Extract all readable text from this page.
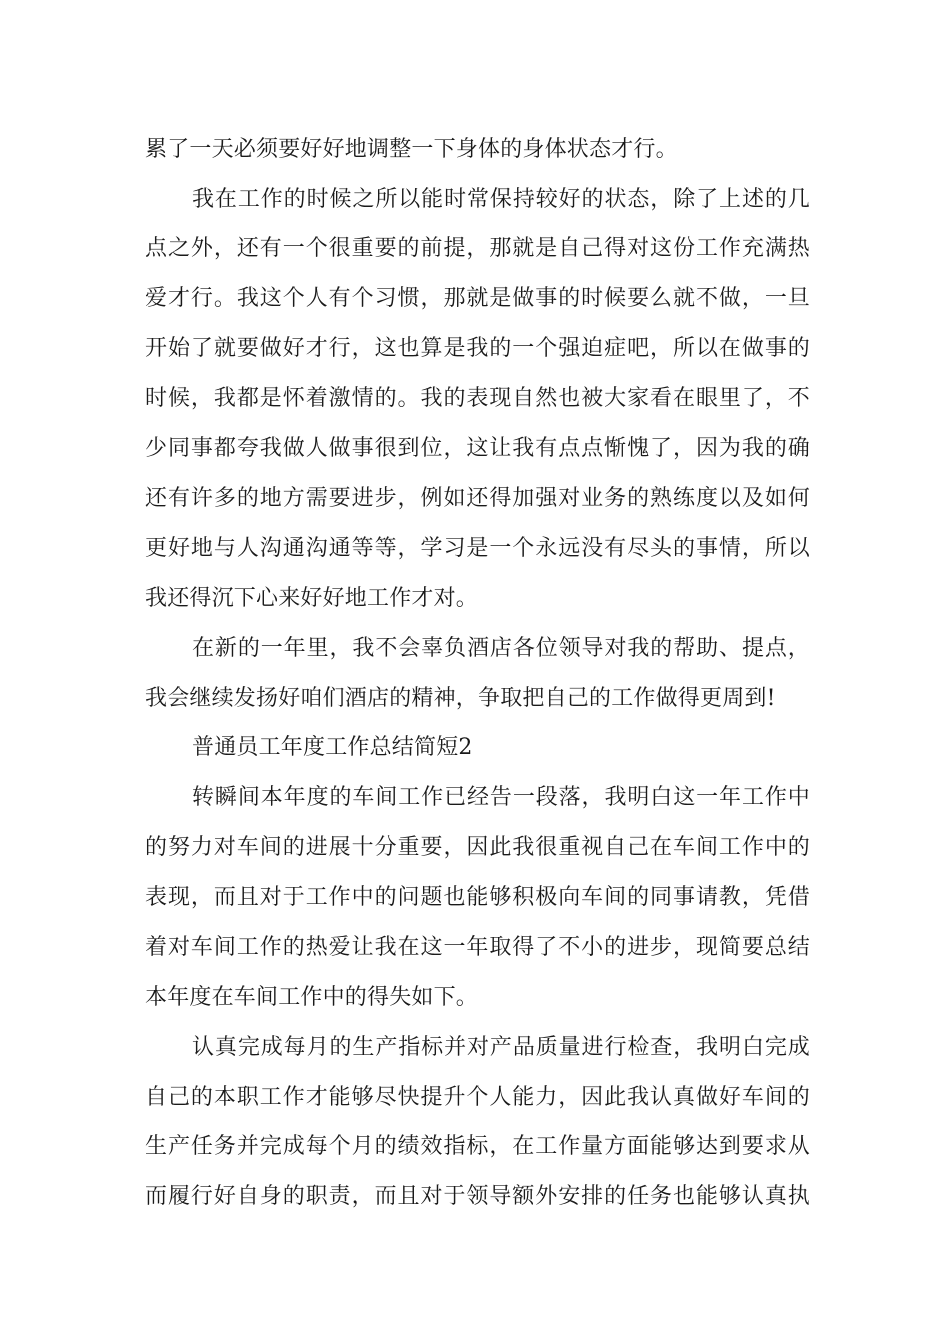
累了一天必须要好好地调整一下身体的身体状态才行。
我在工作的时候之所以能时常保持较好的状态，除了上述的几
点之外，还有一个很重要的前提，那就是自己得对这份工作充满热
爱才行。我这个人有个习惯，那就是做事的时候要么就不做，一旦
开始了就要做好才行，这也算是我的一个强迫症吧，所以在做事的
时候，我都是怀着激情的。我的表现自然也被大家看在眼里了，不
少同事都夸我做人做事很到位，这让我有点点惭愧了，因为我的确
还有许多的地方需要进步，例如还得加强对业务的熟练度以及如何
更好地与人沟通沟通等等，学习是一个永远没有尽头的事情，所以
我还得沉下心来好好地工作才对。
在新的一年里，我不会辜负酒店各位领导对我的帮助、提点，
我会继续发扬好咱们酒店的精神，争取把自己的工作做得更周到!
普通员工年度工作总结简短2
转瞬间本年度的车间工作已经告一段落，我明白这一年工作中
的努力对车间的进展十分重要，因此我很重视自己在车间工作中的
表现，而且对于工作中的问题也能够积极向车间的同事请教，凭借
着对车间工作的热爱让我在这一年取得了不小的进步，现简要总结
本年度在车间工作中的得失如下。
认真完成每月的生产指标并对产品质量进行检查，我明白完成
自己的本职工作才能够尽快提升个人能力，因此我认真做好车间的
生产任务并完成每个月的绩效指标，在工作量方面能够达到要求从
而履行好自身的职责，而且对于领导额外安排的任务也能够认真执
